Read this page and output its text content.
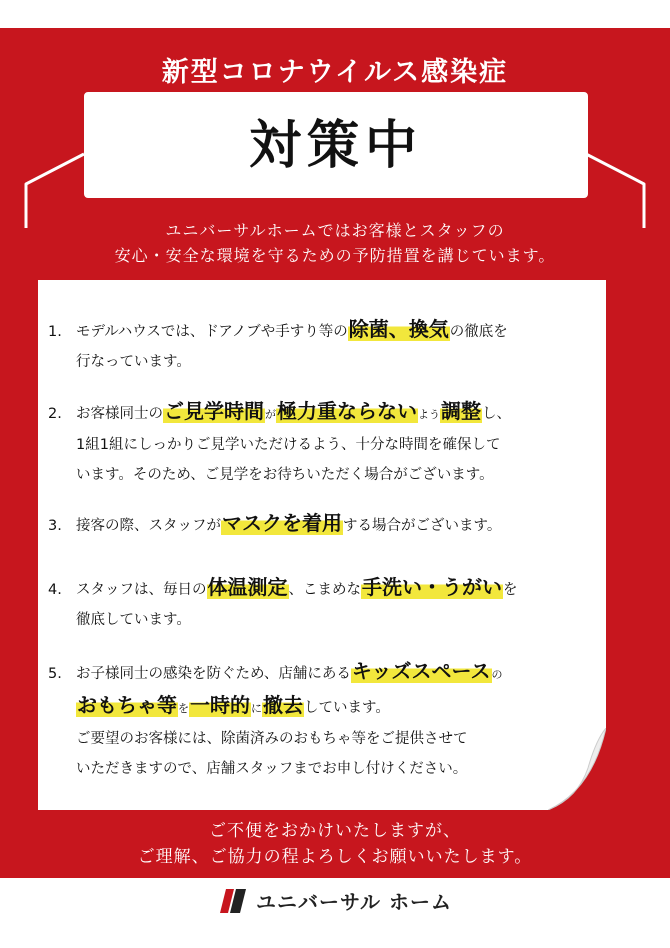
新型コロナウイルス感染症
対策中
ユニバーサルホームではお客様とスタッフの
安心・安全な環境を守るための予防措置を講じています。
1. モデルハウスでは、ドアノブや手すり等の除菌、換気の徹底を
行なっています。
2. お客様同士のご見学時間が極力重ならないよう調整し、
1組1組にしっかりご見学いただけるよう、十分な時間を確保して
います。そのため、ご見学をお待ちいただく場合がございます。
3. 接客の際、スタッフがマスクを着用する場合がございます。
4. スタッフは、毎日の体温測定、こまめな手洗い・うがいを
徹底しています。
5. お子様同士の感染を防ぐため、店舗にあるキッズスペースの
おもちゃ等を一時的に撤去しています。
ご要望のお客様には、除菌済みのおもちゃ等をご提供させて
いただきますので、店舗スタッフまでお申し付けください。
ご不便をおかけいたしますが、
ご理解、ご協力の程よろしくお願いいたします。
ユニバーサル ホーム
